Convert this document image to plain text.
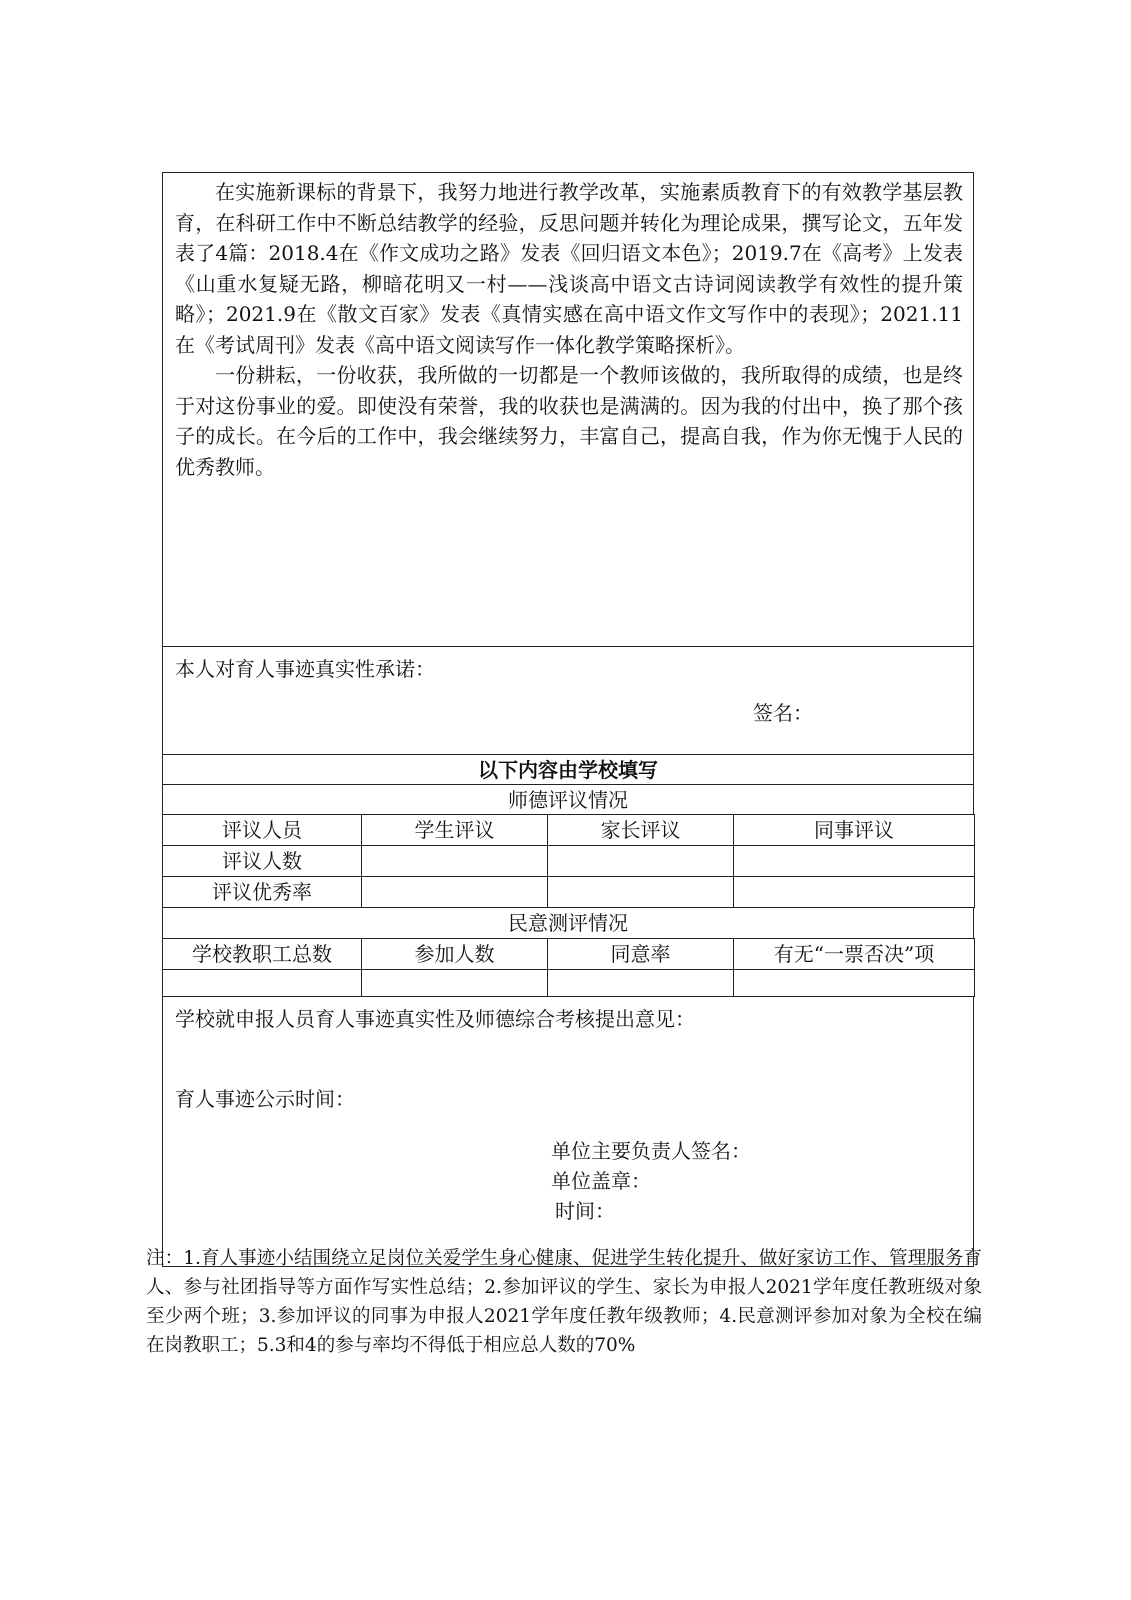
在实施新课标的背景下，我努力地进行教学改革，实施素质教育下的有效教学基层教育，在科研工作中不断总结教学的经验，反思问题并转化为理论成果，撰写论文，五年发表了4篇：2018.4在《作文成功之路》发表《回归语文本色》；2019.7在《高考》上发表《山重水复疑无路，柳暗花明又一村——浅谈高中语文古诗词阅读教学有效性的提升策略》；2021.9在《散文百家》发表《真情实感在高中语文作文写作中的表现》；2021.11在《考试周刊》发表《高中语文阅读写作一体化教学策略探析》。

一份耕耘，一份收获，我所做的一切都是一个教师该做的，我所取得的成绩，也是终于对这份事业的爱。即使没有荣誉，我的收获也是满满的。因为我的付出中，换了那个孩子的成长。在今后的工作中，我会继续努力，丰富自己，提高自我，作为你无愧于人民的优秀教师。

本人对育人事迹真实性承诺：
签名：
以下内容由学校填写
师德评议情况
评议人员	学生评议	家长评议	同事评议
评议人数			
评议优秀率			
民意测评情况
学校教职工总数	参加人数	同意率	有无“一票否决”项

学校就申报人员育人事迹真实性及师德综合考核提出意见：
育人事迹公示时间：
单位主要负责人签名：
单位盖章：
时间：
注：1.育人事迹小结围绕立足岗位关爱学生身心健康、促进学生转化提升、做好家访工作、管理服务育人、参与社团指导等方面作写实性总结；2.参加评议的学生、家长为申报人2021学年度任教班级对象至少两个班；3.参加评议的同事为申报人2021学年度任教年级教师；4.民意测评参加对象为全校在编在岗教职工；5.3和4的参与率均不得低于相应总人数的70%
